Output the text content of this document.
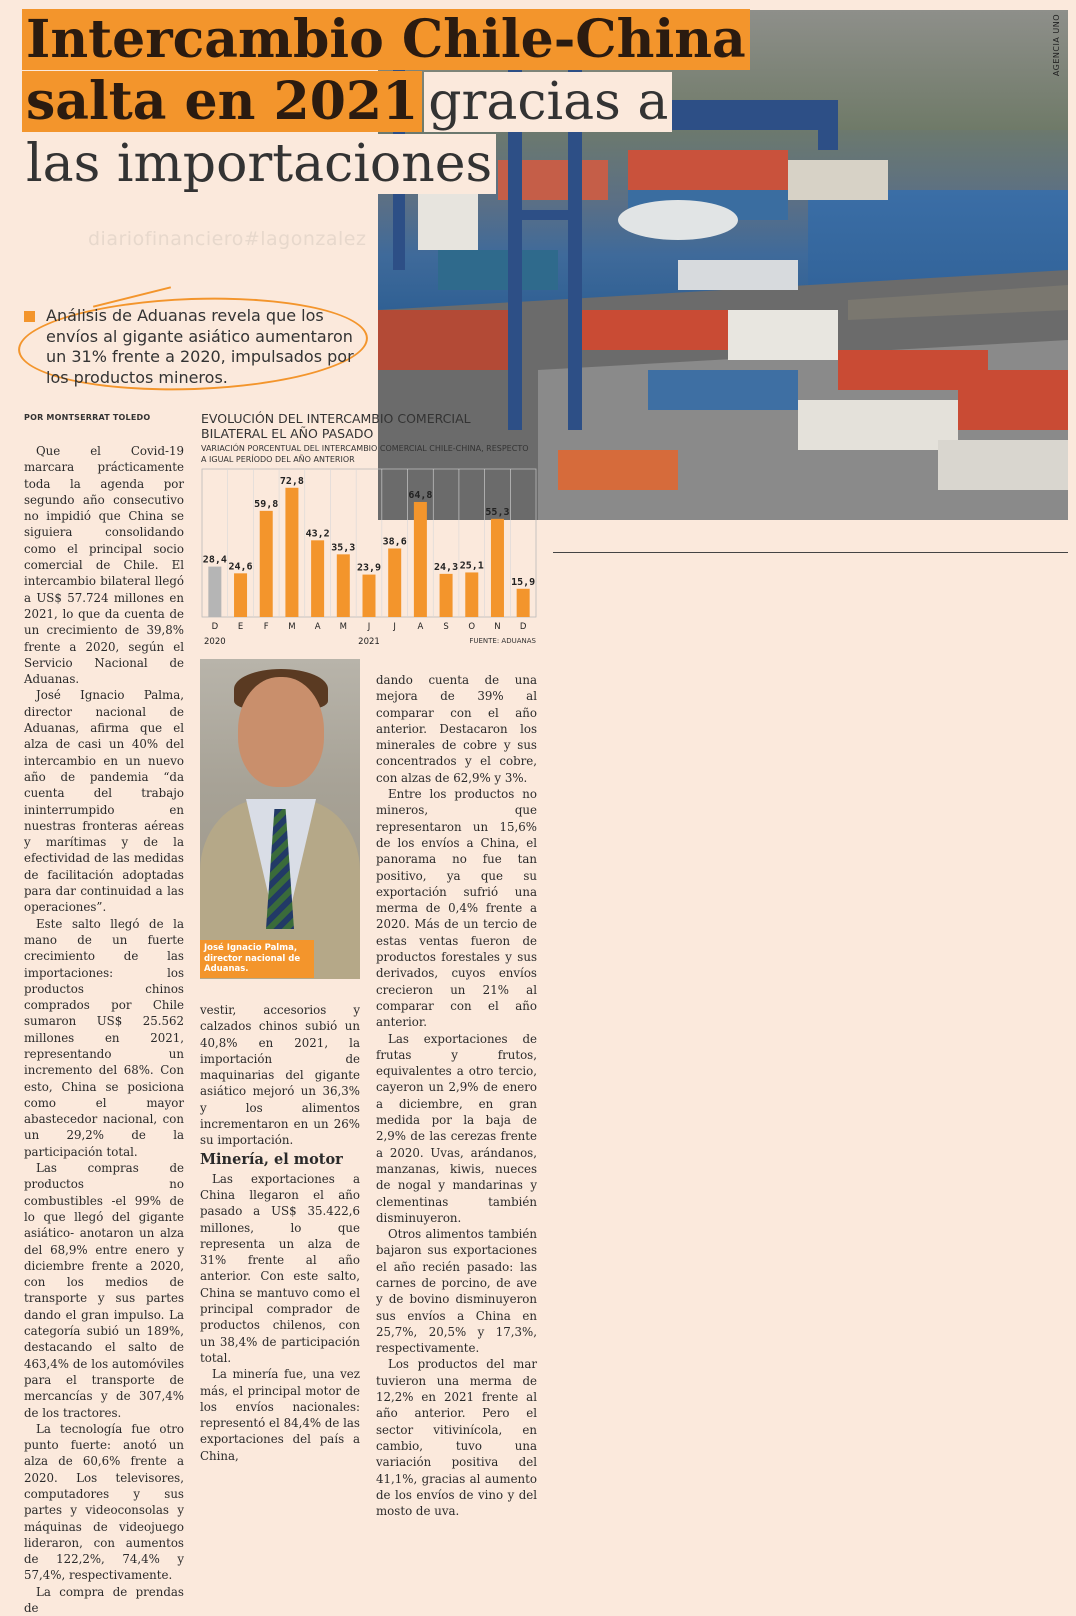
AGENCIA UNO
diariofinanciero#lagonzalez
Intercambio Chile-China
salta en 2021 gracias a
las importaciones
Análisis de Aduanas revela que los envíos al gigante asiático aumentaron un 31% frente a 2020, impulsados por los productos mineros.
POR MONTSERRAT TOLEDO

Que el Covid-19 marcara prácticamente toda la agenda por segundo año consecutivo no impidió que China se siguiera consolidando como el principal socio comercial de Chile. El intercambio bilateral llegó a US$ 57.724 millones en 2021, lo que da cuenta de un crecimiento de 39,8% frente a 2020, según el Servicio Nacional de Aduanas.

José Ignacio Palma, director nacional de Aduanas, afirma que el alza de casi un 40% del intercambio en un nuevo año de pandemia “da cuenta del trabajo ininterrumpido en nuestras fronteras aéreas y marítimas y de la efectividad de las medidas de facilitación adoptadas para dar continuidad a las operaciones”.

Este salto llegó de la mano de un fuerte crecimiento de las importaciones: los productos chinos comprados por Chile sumaron US$ 25.562 millones en 2021, representando un incremento del 68%. Con esto, China se posiciona como el mayor abastecedor nacional, con un 29,2% de la participación total.

Las compras de productos no combustibles -el 99% de lo que llegó del gigante asiático- anotaron un alza del 68,9% entre enero y diciembre frente a 2020, con los medios de transporte y sus partes dando el gran impulso. La categoría subió un 189%, destacando el salto de 463,4% de los automóviles para el transporte de mercancías y de 307,4% de los tractores.

La tecnología fue otro punto fuerte: anotó un alza de 60,6% frente a 2020. Los televisores, computadores y sus partes y videoconsolas y máquinas de videojuego lideraron, con aumentos de 122,2%, 74,4% y 57,4%, respectivamente.

La compra de prendas de

EVOLUCIÓN DEL INTERCAMBIO COMERCIAL BILATERAL EL AÑO PASADO
VARIACIÓN PORCENTUAL DEL INTERCAMBIO COMERCIAL CHILE-CHINA, RESPECTO A IGUAL PERÍODO DEL AÑO ANTERIOR
28,4
D
24,6
E
59,8
F
72,8
M
43,2
A
35,3
M
23,9
J
38,6
J
64,8
A
24,3
S
25,1
O
55,3
N
15,9
D
2020	2021	FUENTE: ADUANAS
José Ignacio Palma, director nacional de Aduanas.

vestir, accesorios y calzados chinos subió un 40,8% en 2021, la importación de maquinarias del gigante asiático mejoró un 36,3% y los alimentos incrementaron en un 26% su importación.

Minería, el motor

Las exportaciones a China llegaron el año pasado a US$ 35.422,6 millones, lo que representa un alza de 31% frente al año anterior. Con este salto, China se mantuvo como el principal comprador de productos chilenos, con un 38,4% de participación total.

La minería fue, una vez más, el principal motor de los envíos nacionales: representó el 84,4% de las exportaciones del país a China,

dando cuenta de una mejora de 39% al comparar con el año anterior. Destacaron los minerales de cobre y sus concentrados y el cobre, con alzas de 62,9% y 3%.

Entre los productos no mineros, que representaron un 15,6% de los envíos a China, el panorama no fue tan positivo, ya que su exportación sufrió una merma de 0,4% frente a 2020. Más de un tercio de estas ventas fueron de productos forestales y sus derivados, cuyos envíos crecieron un 21% al comparar con el año anterior.

Las exportaciones de frutas y frutos, equivalentes a otro tercio, cayeron un 2,9% de enero a diciembre, en gran medida por la baja de 2,9% de las cerezas frente a 2020. Uvas, arándanos, manzanas, kiwis, nueces de nogal y mandarinas y clementinas también disminuyeron.

Otros alimentos también bajaron sus exportaciones el año recién pasado: las carnes de porcino, de ave y de bovino disminuyeron sus envíos a China en 25,7%, 20,5% y 17,3%, respectivamente.

Los productos del mar tuvieron una merma de 12,2% en 2021 frente al año anterior. Pero el sector vitivinícola, en cambio, tuvo una variación positiva del 41,1%, gracias al aumento de los envíos de vino y del mosto de uva.
